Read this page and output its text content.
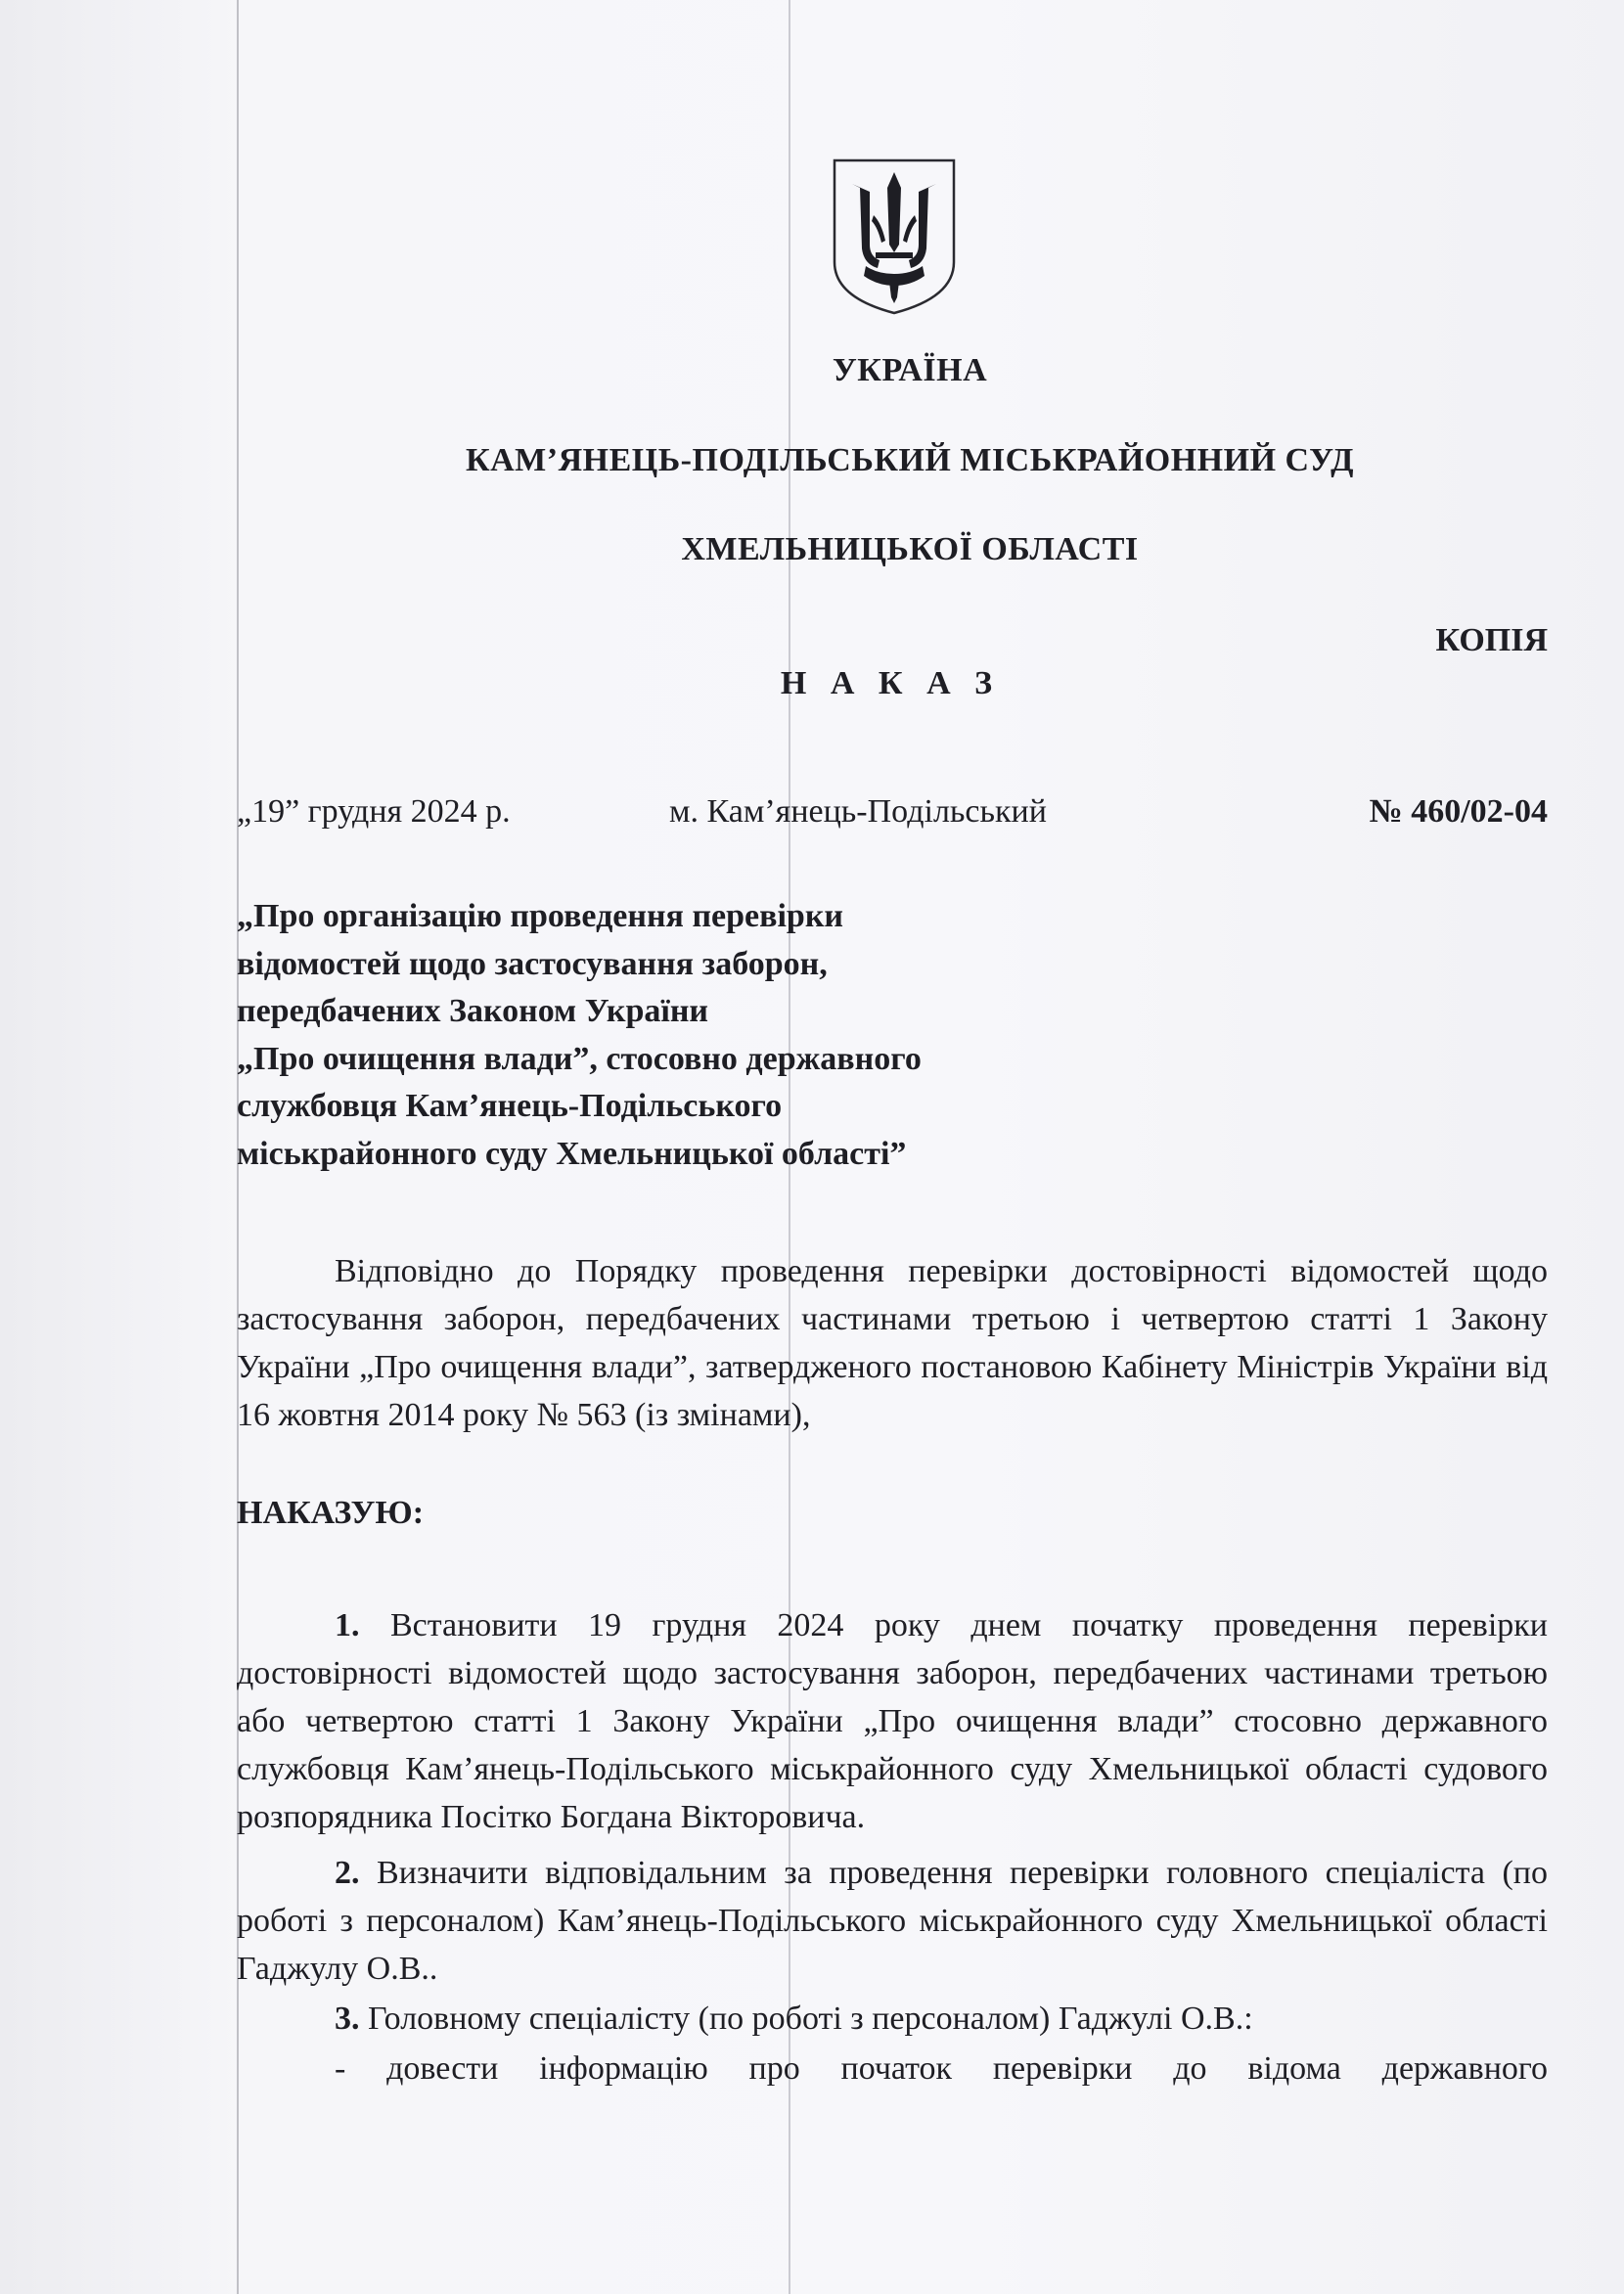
УКРАЇНА
КАМ’ЯНЕЦЬ-ПОДІЛЬСЬКИЙ МІСЬКРАЙОННИЙ СУД
ХМЕЛЬНИЦЬКОЇ ОБЛАСТІ
КОПІЯ
Н А К А З
„19” грудня 2024 р.	м. Кам’янець-Подільський	№ 460/02-04
„Про організацію проведення перевірки
відомостей щодо застосування заборон,
передбачених Законом України
„Про очищення влади”, стосовно державного
службовця Кам’янець-Подільського
міськрайонного суду Хмельницької області”
Відповідно до Порядку проведення перевірки достовірності відомостей щодо застосування заборон, передбачених частинами третьою і четвертою статті 1 Закону України „Про очищення влади”, затвердженого постановою Кабінету Міністрів України від 16 жовтня 2014 року № 563 (із змінами),
НАКАЗУЮ:
1. Встановити 19 грудня 2024 року днем початку проведення перевірки достовірності відомостей щодо застосування заборон, передбачених частинами третьою або четвертою статті 1 Закону України „Про очищення влади” стосовно державного службовця Кам’янець-Подільського міськрайонного суду Хмельницької області судового розпорядника Посітко Богдана Вікторовича.
2. Визначити відповідальним за проведення перевірки головного спеціаліста (по роботі з персоналом) Кам’янець-Подільського міськрайонного суду Хмельницької області Гаджулу О.В..
3. Головному спеціалісту (по роботі з персоналом) Гаджулі О.В.:
- довести інформацію про початок перевірки до відома державного
